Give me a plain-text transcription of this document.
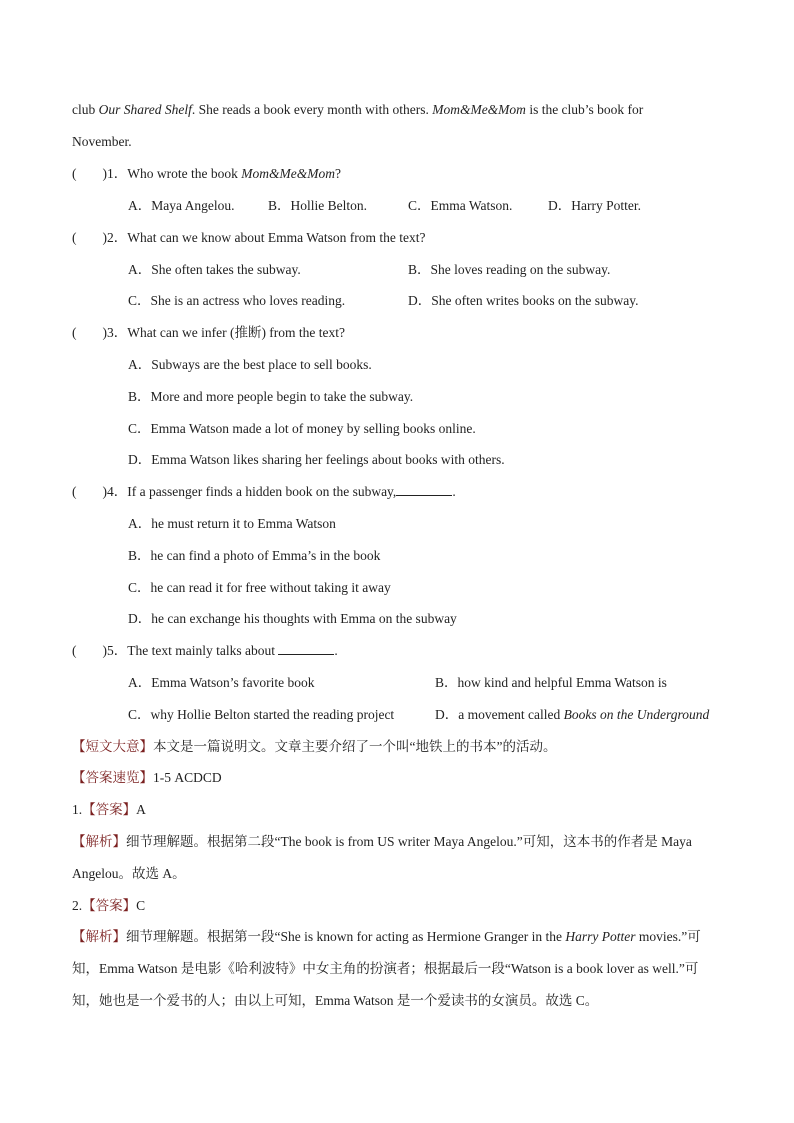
club Our Shared Shelf. She reads a book every month with others. Mom&Me&Mom is the club’s book for
November.
( )1．Who wrote the book Mom&Me&Mom?
A．Maya Angelou. B．Hollie Belton.	C．Emma Watson.	D．Harry Potter.
( )2．What can we know about Emma Watson from the text?
A．She often takes the subway.	B．She loves reading on the subway.
C．She is an actress who loves reading.	D．She often writes books on the subway.
( )3．What can we infer (推断) from the text?
A．Subways are the best place to sell books.
B．More and more people begin to take the subway.
C．Emma Watson made a lot of money by selling books online.
D．Emma Watson likes sharing her feelings about books with others.
( )4．If a passenger finds a hidden book on the subway,	.
A．he must return it to Emma Watson
B．he can find a photo of Emma’s in the book
C．he can read it for free without taking it away
D．he can exchange his thoughts with Emma on the subway
( )5．The text mainly talks about	.
A．Emma Watson’s favorite book	B．how kind and helpful Emma Watson is
C．why Hollie Belton started the reading project	D．a movement called Books on the Underground
【短文大意】本文是一篇说明文。文章主要介绍了一个叫“地铁上的书本”的活动。
【答案速览】1-5 ACDCD
1.【答案】A
【解析】细节理解题。根据第二段“The book is from US writer Maya Angelou.”可知，这本书的作者是 Maya
Angelou。故选 A。
2.【答案】C
【解析】细节理解题。根据第一段“She is known for acting as Hermione Granger in the Harry Potter movies.”可
知，Emma Watson 是电影《哈利波特》中女主角的扮演者；根据最后一段“Watson is a book lover as well.”可
知，她也是一个爱书的人；由以上可知，Emma Watson 是一个爱读书的女演员。故选 C。
